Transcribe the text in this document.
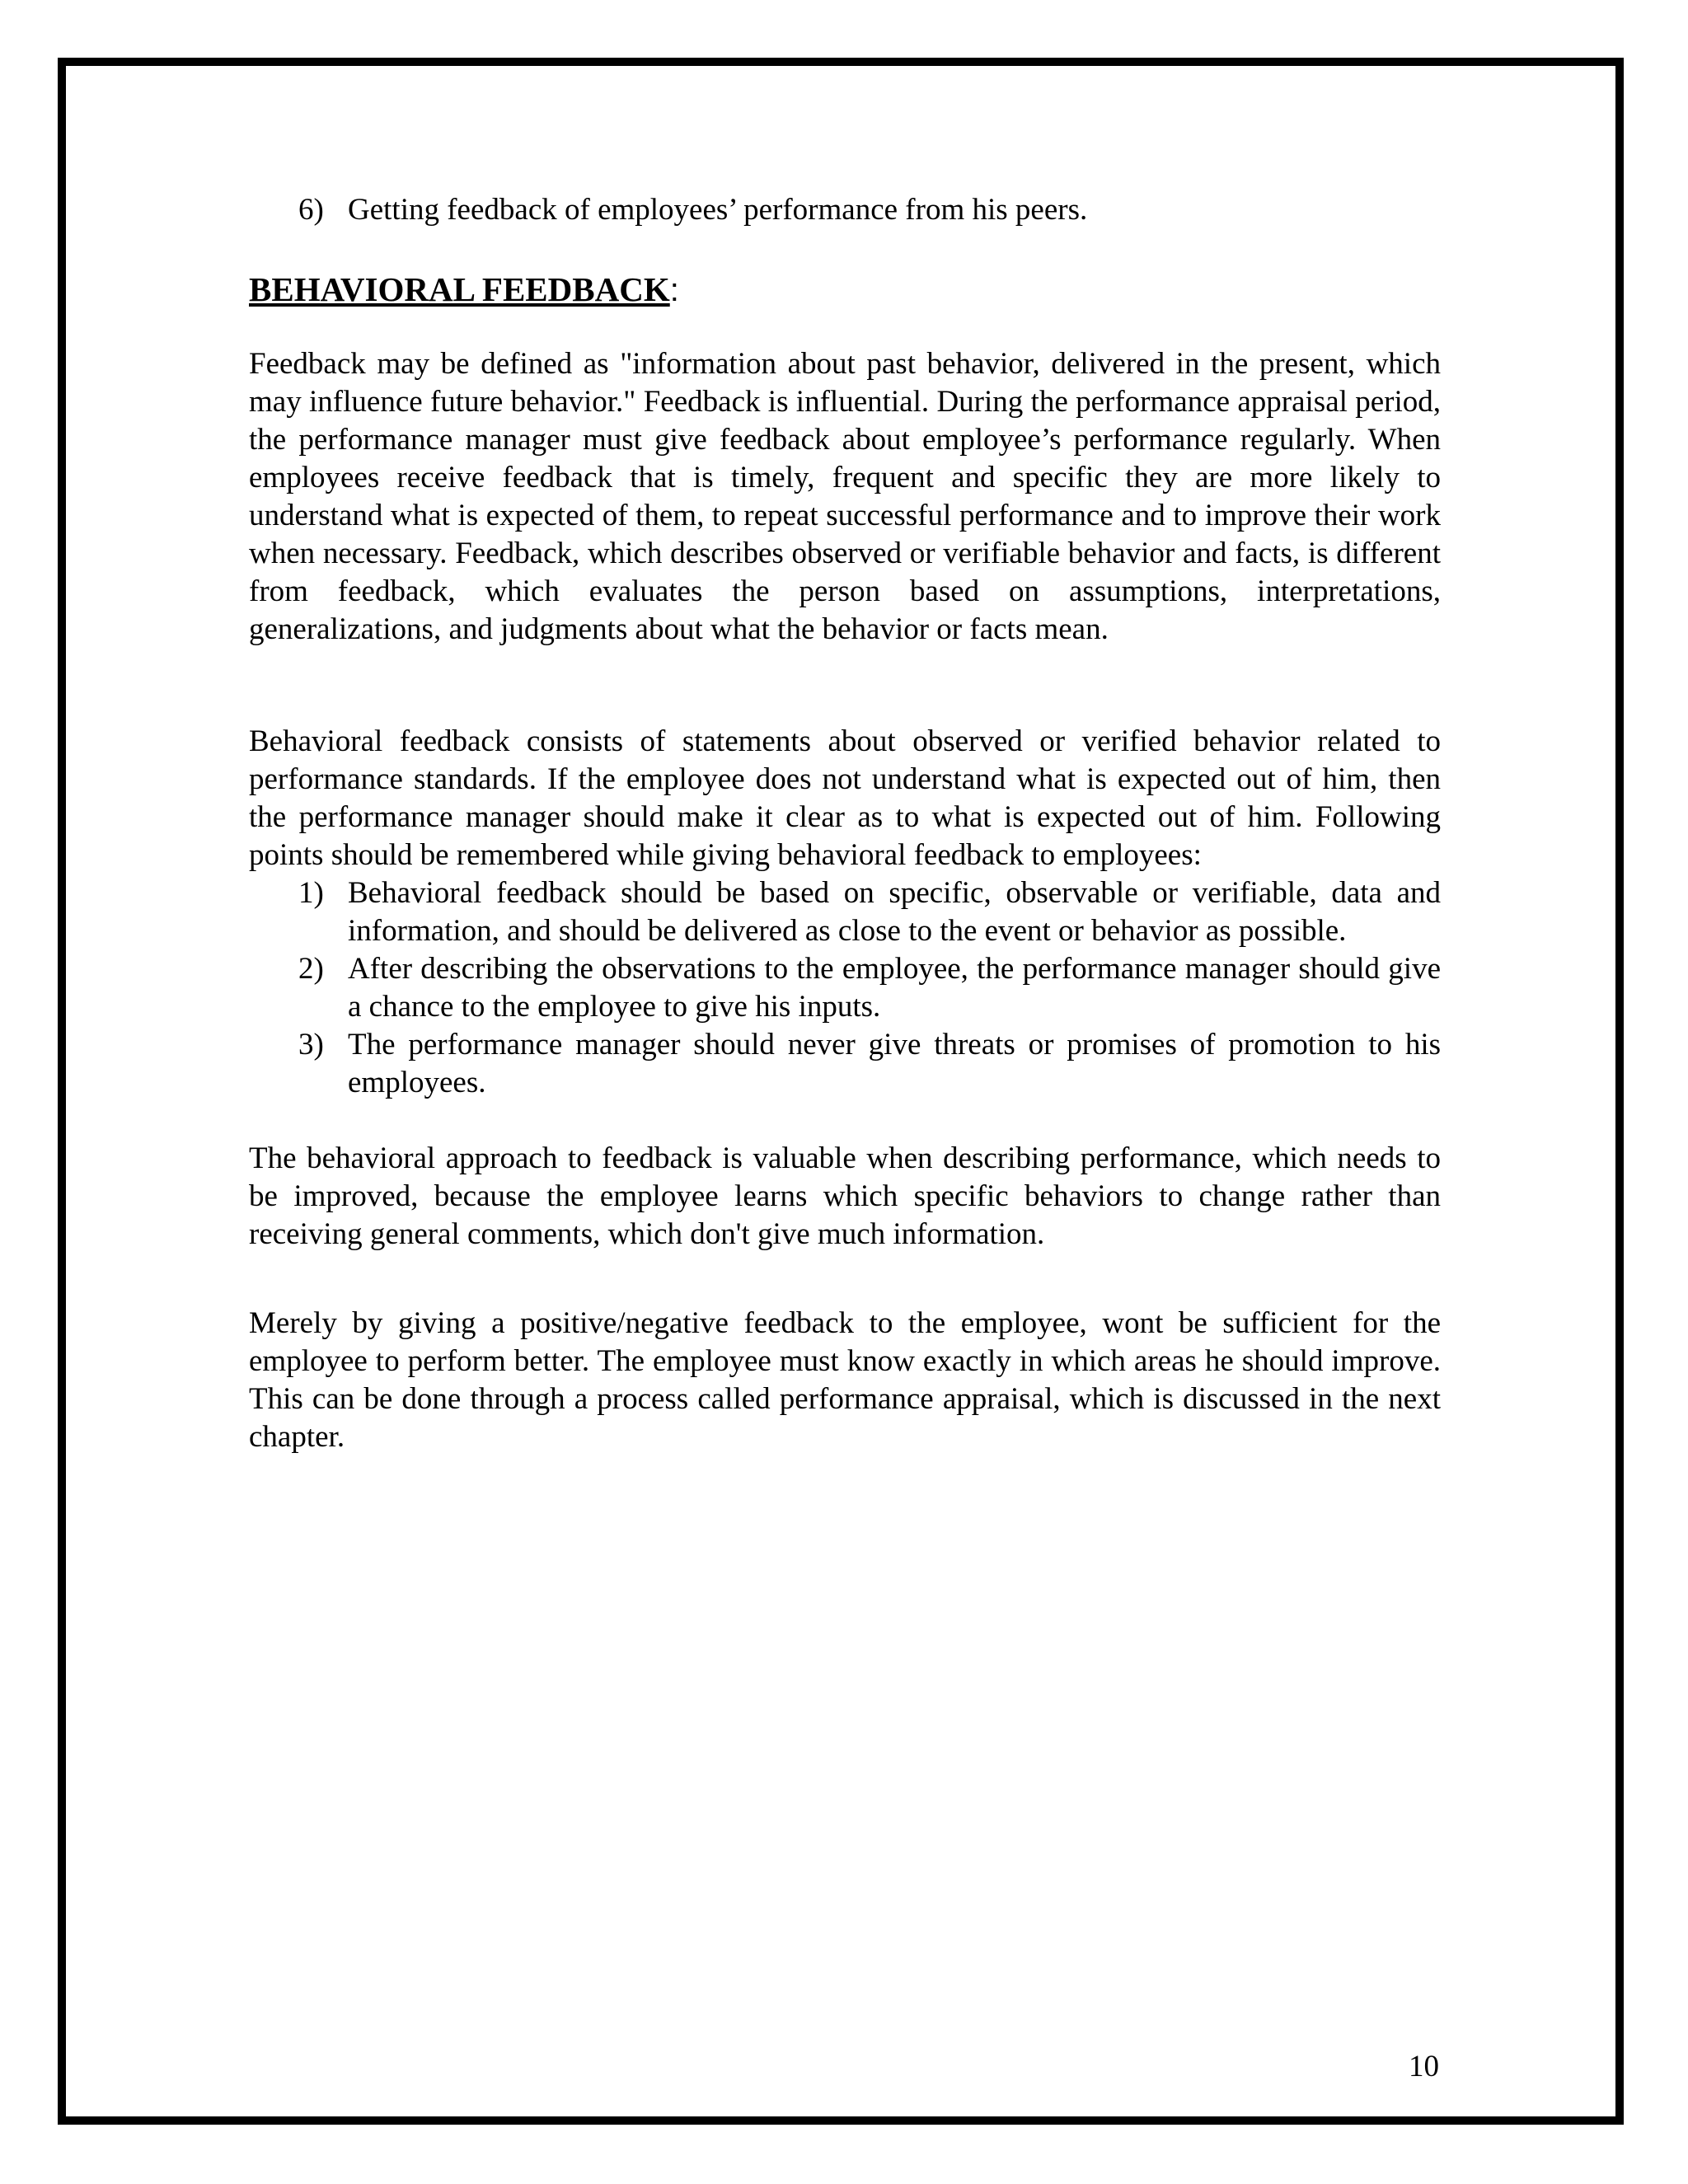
6) Getting feedback of employees’ performance from his peers.
BEHAVIORAL FEEDBACK:

Feedback may be defined as "information about past behavior, delivered in the present, which may influence future behavior." Feedback is influential. During the performance appraisal period, the performance manager must give feedback about employee’s performance regularly. When employees receive feedback that is timely, frequent and specific they are more likely to understand what is expected of them, to repeat successful performance and to improve their work when necessary. Feedback, which describes observed or verifiable behavior and facts, is different from feedback, which evaluates the person based on assumptions, interpretations, generalizations, and judgments about what the behavior or facts mean.

Behavioral feedback consists of statements about observed or verified behavior related to performance standards. If the employee does not understand what is expected out of him, then the performance manager should make it clear as to what is expected out of him. Following points should be remembered while giving behavioral feedback to employees:

1) Behavioral feedback should be based on specific, observable or verifiable, data and information, and should be delivered as close to the event or behavior as possible.
2) After describing the observations to the employee, the performance manager should give a chance to the employee to give his inputs.
3) The performance manager should never give threats or promises of promotion to his employees.

The behavioral approach to feedback is valuable when describing performance, which needs to be improved, because the employee learns which specific behaviors to change rather than receiving general comments, which don't give much information.

Merely by giving a positive/negative feedback to the employee, wont be sufficient for the employee to perform better. The employee must know exactly in which areas he should improve. This can be done through a process called performance appraisal, which is discussed in the next chapter.

10
